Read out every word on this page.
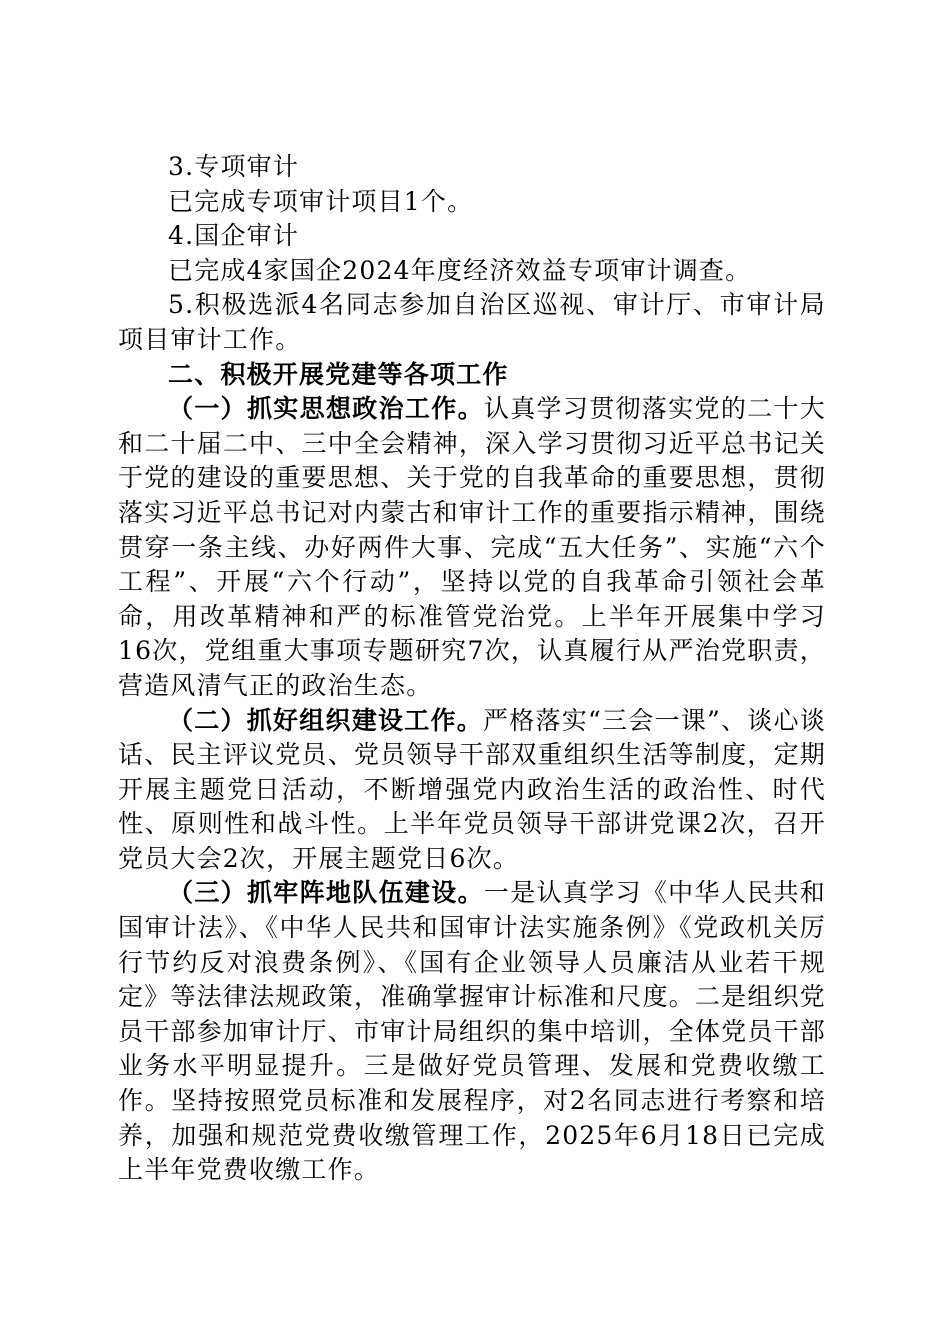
3.专项审计

已完成专项审计项目1个。

4.国企审计

已完成4家国企2024年度经济效益专项审计调查。

5.积极选派4名同志参加自治区巡视、审计厅、市审计局项目审计工作。

二、积极开展党建等各项工作

（一）抓实思想政治工作。认真学习贯彻落实党的二十大和二十届二中、三中全会精神，深入学习贯彻习近平总书记关于党的建设的重要思想、关于党的自我革命的重要思想，贯彻落实习近平总书记对内蒙古和审计工作的重要指示精神，围绕贯穿一条主线、办好两件大事、完成“五大任务”、实施“六个工程”、开展“六个行动”，坚持以党的自我革命引领社会革命，用改革精神和严的标准管党治党。上半年开展集中学习16次，党组重大事项专题研究7次，认真履行从严治党职责，营造风清气正的政治生态。

（二）抓好组织建设工作。严格落实“三会一课”、谈心谈话、民主评议党员、党员领导干部双重组织生活等制度，定期开展主题党日活动，不断增强党内政治生活的政治性、时代性、原则性和战斗性。上半年党员领导干部讲党课2次，召开党员大会2次，开展主题党日6次。

（三）抓牢阵地队伍建设。一是认真学习《中华人民共和国审计法》、《中华人民共和国审计法实施条例》《党政机关厉行节约反对浪费条例》、《国有企业领导人员廉洁从业若干规定》等法律法规政策，准确掌握审计标准和尺度。二是组织党员干部参加审计厅、市审计局组织的集中培训，全体党员干部业务水平明显提升。三是做好党员管理、发展和党费收缴工作。坚持按照党员标准和发展程序，对2名同志进行考察和培养，加强和规范党费收缴管理工作，2025年6月18日已完成上半年党费收缴工作。
